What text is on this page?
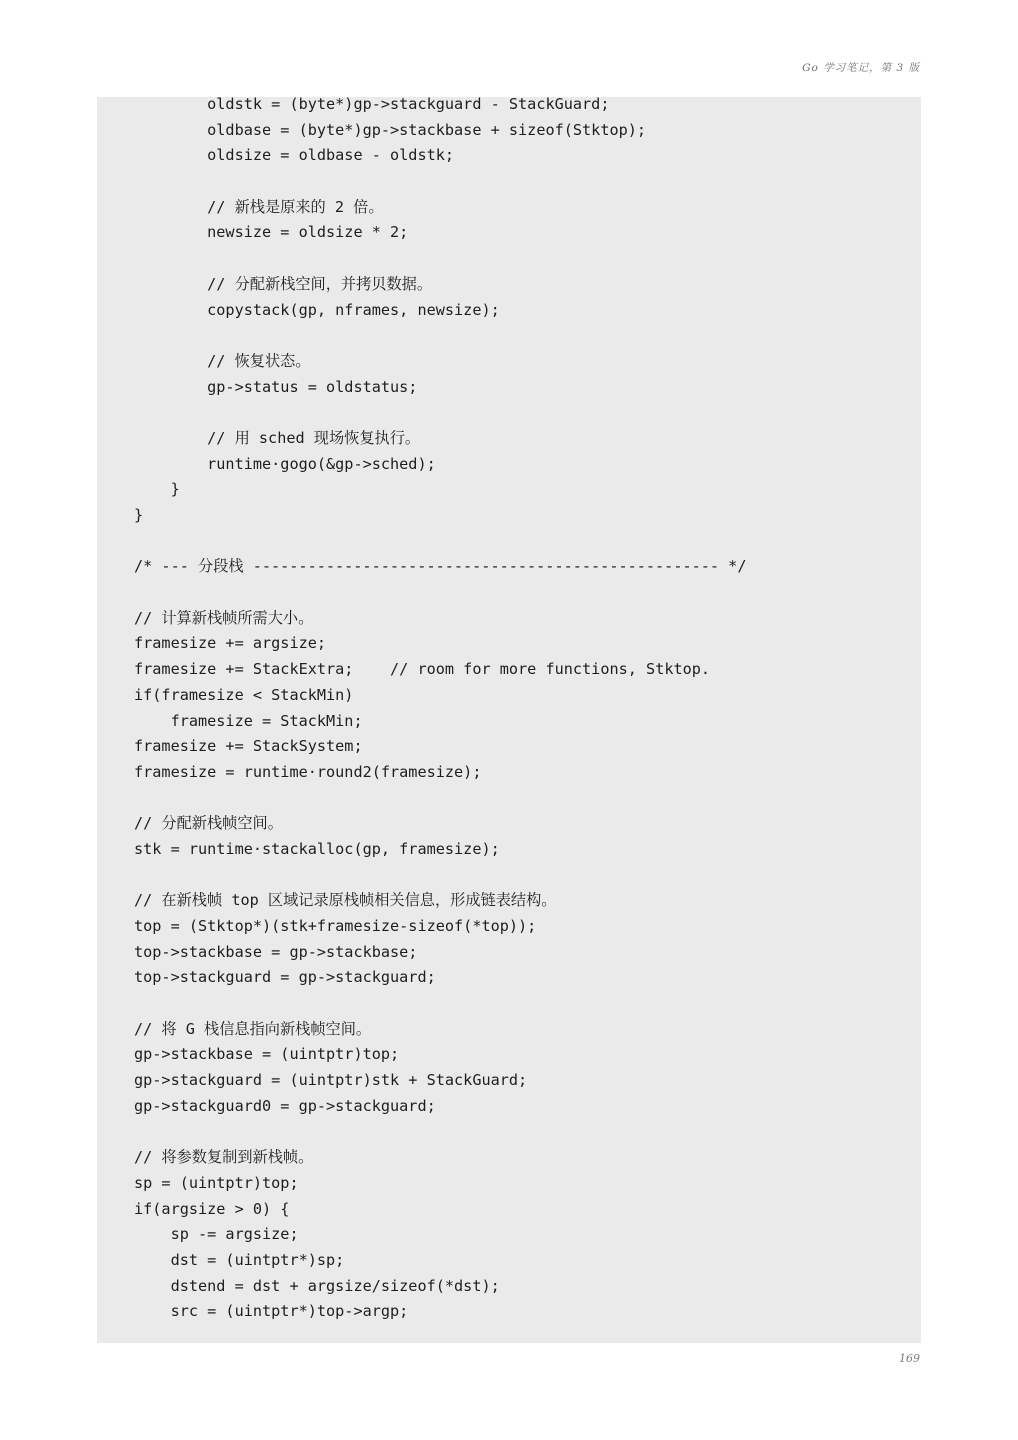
Go 学习笔记，第 3 版
oldstk = (byte*)gp->stackguard - StackGuard;
oldbase = (byte*)gp->stackbase + sizeof(Stktop);
oldsize = oldbase - oldstk;
// 新栈是原来的 2 倍。
newsize = oldsize * 2;
// 分配新栈空间，并拷贝数据。
copystack(gp, nframes, newsize);
// 恢复状态。
gp->status = oldstatus;
// 用 sched 现场恢复执行。
runtime·gogo(&gp->sched);
}
}
/* --- 分段栈 --------------------------------------------------- */
// 计算新栈帧所需大小。
framesize += argsize;
framesize += StackExtra;    // room for more functions, Stktop.
if(framesize < StackMin)
framesize = StackMin;
framesize += StackSystem;
framesize = runtime·round2(framesize);
// 分配新栈帧空间。
stk = runtime·stackalloc(gp, framesize);
// 在新栈帧 top 区域记录原栈帧相关信息，形成链表结构。
top = (Stktop*)(stk+framesize-sizeof(*top));
top->stackbase = gp->stackbase;
top->stackguard = gp->stackguard;
// 将 G 栈信息指向新栈帧空间。
gp->stackbase = (uintptr)top;
gp->stackguard = (uintptr)stk + StackGuard;
gp->stackguard0 = gp->stackguard;
// 将参数复制到新栈帧。
sp = (uintptr)top;
if(argsize > 0) {
sp -= argsize;
dst = (uintptr*)sp;
dstend = dst + argsize/sizeof(*dst);
src = (uintptr*)top->argp;
169
